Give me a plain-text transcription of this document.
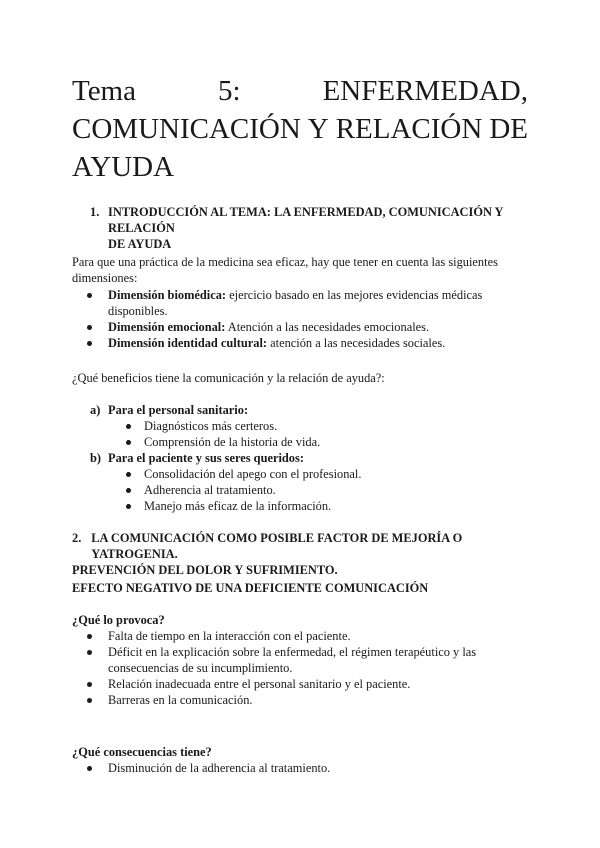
Tema	5:	ENFERMEDAD,
COMUNICACIÓN Y RELACIÓN DE
AYUDA
1. INTRODUCCIÓN AL TEMA: LA ENFERMEDAD, COMUNICACIÓN Y RELACIÓN
DE AYUDA
Para que una práctica de la medicina sea eficaz, hay que tener en cuenta las siguientes
dimensiones:
Dimensión biomédica: ejercicio basado en las mejores evidencias médicas
disponibles.
Dimensión emocional: Atención a las necesidades emocionales.
Dimensión identidad cultural: atención a las necesidades sociales.
¿Qué beneficios tiene la comunicación y la relación de ayuda?:
a) Para el personal sanitario:
Diagnósticos más certeros.
Comprensión de la historia de vida.
b) Para el paciente y sus seres queridos:
Consolidación del apego con el profesional.
Adherencia al tratamiento.
Manejo más eficaz de la información.
2. LA COMUNICACIÓN COMO POSIBLE FACTOR DE MEJORÍA O YATROGENIA.
PREVENCIÓN DEL DOLOR Y SUFRIMIENTO.
EFECTO NEGATIVO DE UNA DEFICIENTE COMUNICACIÓN
¿Qué lo provoca?
Falta de tiempo en la interacción con el paciente.
Déficit en la explicación sobre la enfermedad, el régimen terapéutico y las
consecuencias de su incumplimiento.
Relación inadecuada entre el personal sanitario y el paciente.
Barreras en la comunicación.
¿Qué consecuencias tiene?
Disminución de la adherencia al tratamiento.
